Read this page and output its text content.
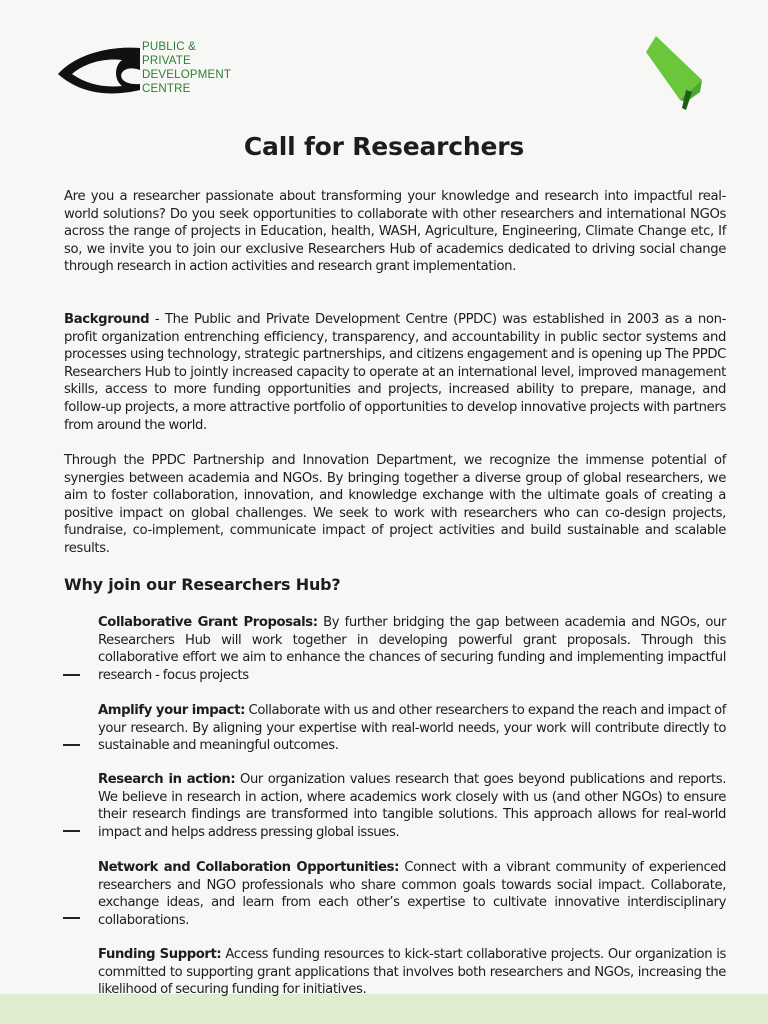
PUBLIC &
PRIVATE
DEVELOPMENT
CENTRE
Call for Researchers

Are you a researcher passionate about transforming your knowledge and research into impactful real-world solutions? Do you seek opportunities to collaborate with other researchers and international NGOs across the range of projects in Education, health, WASH, Agriculture, Engineering, Climate Change etc, If so, we invite you to join our exclusive Researchers Hub of academics dedicated to driving social change through research in action activities and research grant implementation.

Background - The Public and Private Development Centre (PPDC) was established in 2003 as a non-profit organization entrenching efficiency, transparency, and accountability in public sector systems and processes using technology, strategic partnerships, and citizens engagement and is opening up The PPDC Researchers Hub to jointly increased capacity to operate at an international level, improved management skills, access to more funding opportunities and projects, increased ability to prepare, manage, and follow-up projects, a more attractive portfolio of opportunities to develop innovative projects with partners from around the world.

Through the PPDC Partnership and Innovation Department, we recognize the immense potential of synergies between academia and NGOs. By bringing together a diverse group of global researchers, we aim to foster collaboration, innovation, and knowledge exchange with the ultimate goals of creating a positive impact on global challenges. We seek to work with researchers who can co-design projects, fundraise, co-implement, communicate impact of project activities and build sustainable and scalable results.

Why join our Researchers Hub?

Collaborative Grant Proposals: By further bridging the gap between academia and NGOs, our Researchers Hub will work together in developing powerful grant proposals. Through this collaborative effort we aim to enhance the chances of securing funding and implementing impactful research - focus projects

Amplify your impact: Collaborate with us and other researchers to expand the reach and impact of your research. By aligning your expertise with real-world needs, your work will contribute directly to sustainable and meaningful outcomes.

Research in action: Our organization values research that goes beyond publications and reports. We believe in research in action, where academics work closely with us (and other NGOs) to ensure their research findings are transformed into tangible solutions. This approach allows for real-world impact and helps address pressing global issues.

Network and Collaboration Opportunities: Connect with a vibrant community of experienced researchers and NGO professionals who share common goals towards social impact. Collaborate, exchange ideas, and learn from each other’s expertise to cultivate innovative interdisciplinary collaborations.

Funding Support: Access funding resources to kick-start collaborative projects. Our organization is committed to supporting grant applications that involves both researchers and NGOs, increasing the likelihood of securing funding for initiatives.
